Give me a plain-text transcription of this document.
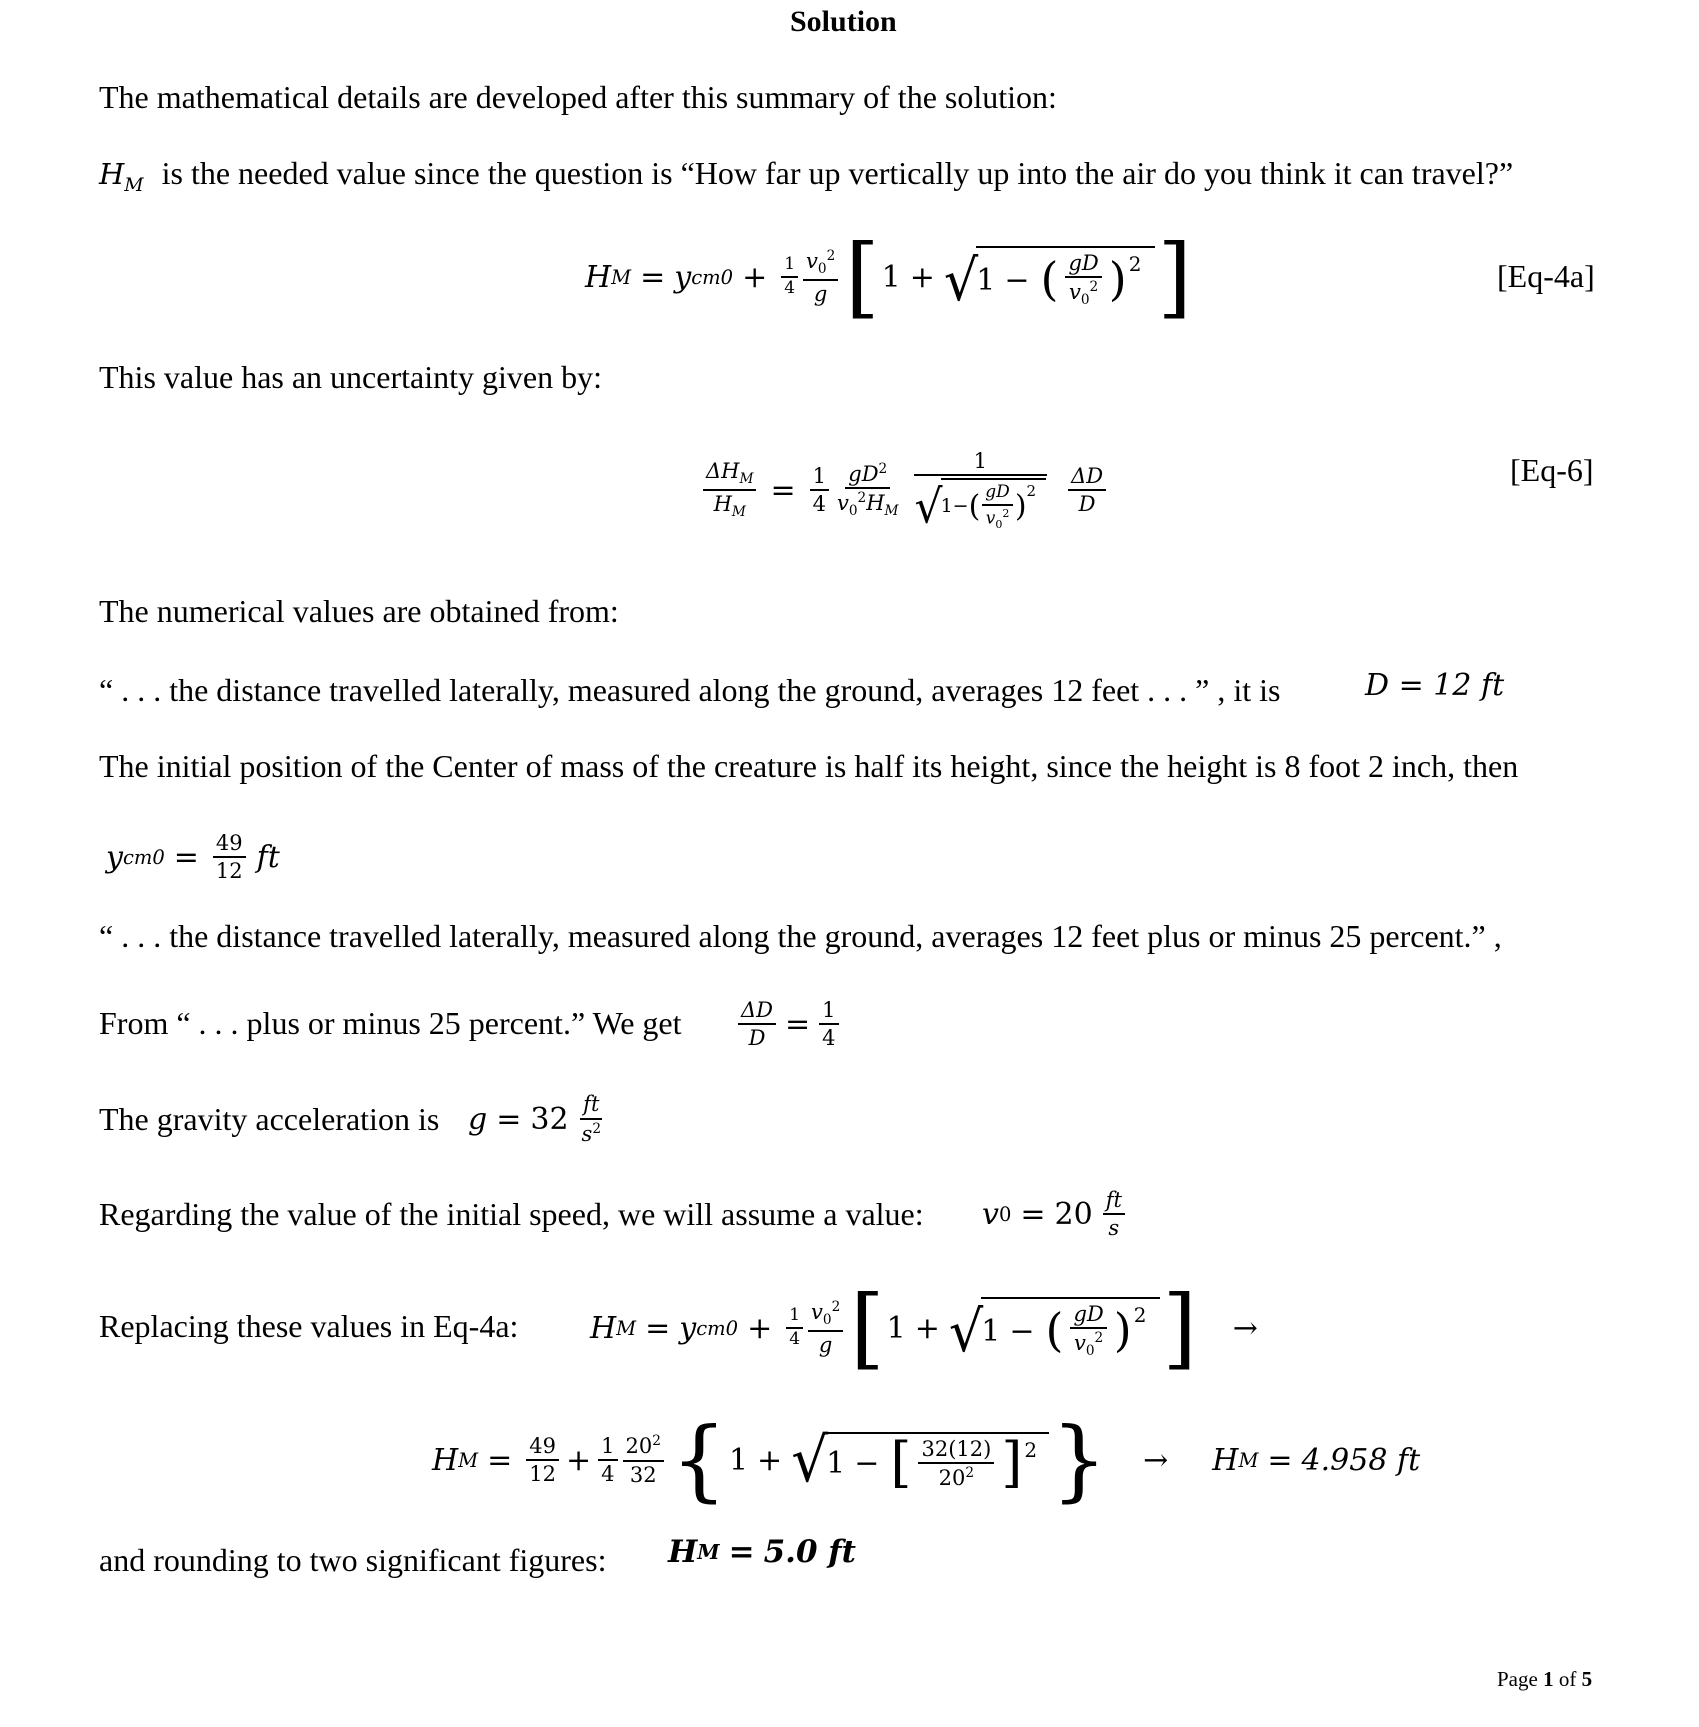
Solution
The mathematical details are developed after this summary of the solution:
$H_M$ is the needed value since the question is “How far up vertically up into the air do you think it can travel?”
H M = y $cm0 + \frac{1}{4} \frac{v_0^2}{g}$ [ 1 + √
1 − ( $\frac{gD}{v_0^2} )^2$ ]	[Eq-4a]
This value has an uncertainty given by:
$\frac{\Delta H_M}{H_M} = \frac{1}{4} \frac{gD^2}{v_0^2H_M} 1$
√
1− ( $\frac{gD}{v_0^2} )^2 \frac{\Delta D}{D}$	[Eq-6]
The numerical values are obtained from:
“ . . . the distance travelled laterally, measured along the ground, averages 12 feet . . . ” , it is	D = 12 ft
The initial position of the Center of mass of the creature is half its height, since the height is 8 foot 2 inch, then
y $cm0 = \frac{49}{12}$ ft
“ . . . the distance travelled laterally, measured along the ground, averages 12 feet plus or minus 25 percent.” ,
From “ . . . plus or minus 25 percent.” We get	$\frac{\Delta D}{D} = \frac{1}{4}$
The gravity acceleration is $g = 32 \frac{ft}{s^2}$
Regarding the value of the initial speed, we will assume a value: v $0 = 20 \frac{ft}{s}$
Replacing these values in Eq-4a: H M = y $cm0 + \frac{1}{4} \frac{v_0^2}{g}$ [ 1 + √
1 − ( $\frac{gD}{v_0^2} )^2$ ] →
H $M = \frac{49}{12} + \frac{1}{4} \frac{20^2}{32}$ { 1 + √
1 − [ $\frac{32(12)}{20^2} ]^2$ } → H M = 4.958 ft
and rounding to two significant figures: H M = 5.0 ft
Page 1 of 5
